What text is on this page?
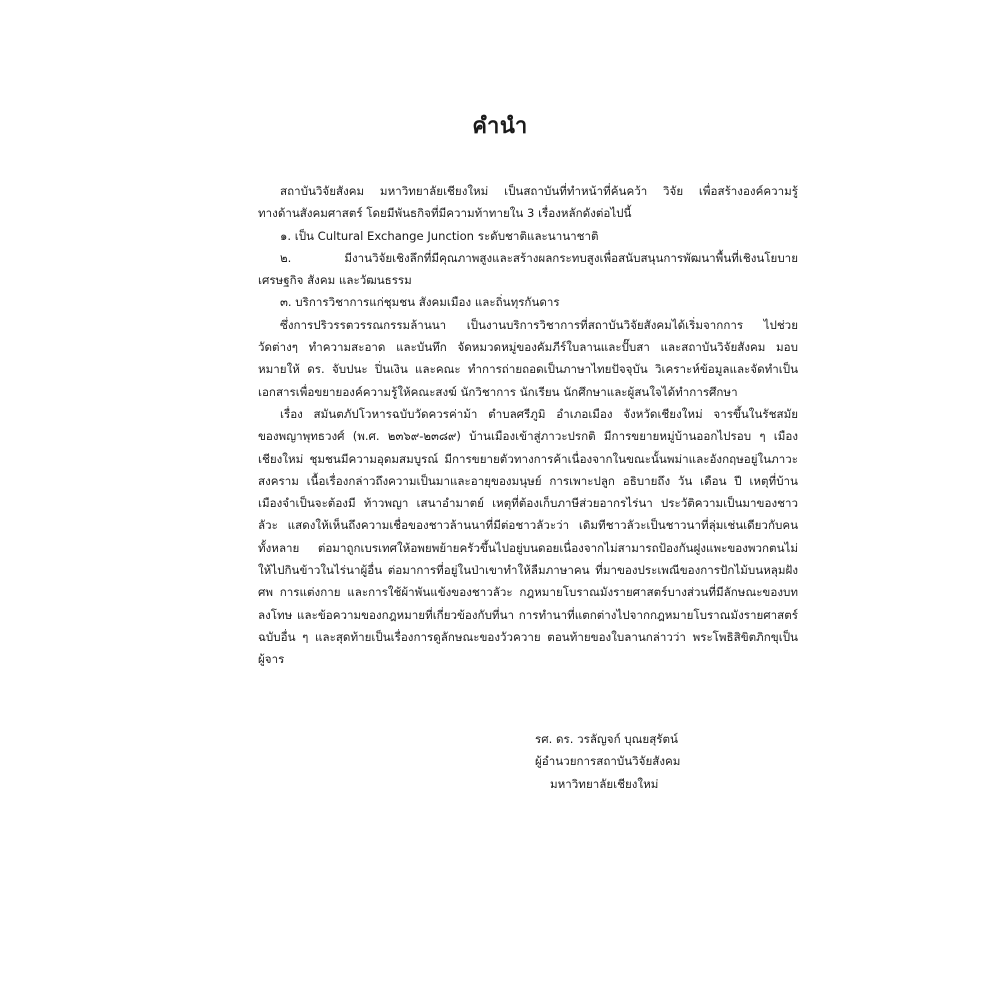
คำนำ
สถาบันวิจัยสังคม มหาวิทยาลัยเชียงใหม่ เป็นสถาบันที่ทำหน้าที่ค้นคว้า วิจัย เพื่อสร้างองค์ความรู้
ทางด้านสังคมศาสตร์ โดยมีพันธกิจที่มีความท้าทายใน 3 เรื่องหลักดังต่อไปนี้
๑. เป็น Cultural Exchange Junction ระดับชาติและนานาชาติ
๒. มีงานวิจัยเชิงลึกที่มีคุณภาพสูงและสร้างผลกระทบสูงเพื่อสนับสนุนการพัฒนาพื้นที่เชิงนโยบาย
เศรษฐกิจ สังคม และวัฒนธรรม
๓. บริการวิชาการแก่ชุมชน สังคมเมือง และถิ่นทุรกันดาร
ซึ่งการปริวรรตวรรณกรรมล้านนา เป็นงานบริการวิชาการที่สถาบันวิจัยสังคมได้เริ่มจากการ ไปช่วย
วัดต่างๆ ทำความสะอาด และบันทึก จัดหมวดหมู่ของคัมภีร์ใบลานและปั๊บสา และสถาบันวิจัยสังคม มอบ
หมายให้ ดร. จับปนะ ปิ่นเงิน และคณะ ทำการถ่ายถอดเป็นภาษาไทยปัจจุบัน วิเคราะห์ข้อมูลและจัดทำเป็น
เอกสารเพื่อขยายองค์ความรู้ให้คณะสงฆ์ นักวิชาการ นักเรียน นักศึกษาและผู้สนใจได้ทำการศึกษา
เรื่อง สมันตภัปโวหารฉบับวัดควรค่าม้า ตำบลศรีภูมิ อำเภอเมือง จังหวัดเชียงใหม่ จารขึ้นในรัชสมัย
ของพญาพุทธวงศ์ (พ.ศ. ๒๓๖๙-๒๓๘๙) บ้านเมืองเข้าสู่ภาวะปรกติ มีการขยายหมู่บ้านออกไปรอบ ๆ เมือง
เชียงใหม่ ชุมชนมีความอุดมสมบูรณ์ มีการขยายตัวทางการค้าเนื่องจากในขณะนั้นพม่าและอังกฤษอยู่ในภาวะ
สงคราม เนื้อเรื่องกล่าวถึงความเป็นมาและอายุของมนุษย์ การเพาะปลูก อธิบายถึง วัน เดือน ปี เหตุที่บ้าน
เมืองจำเป็นจะต้องมี ท้าวพญา เสนาอำมาตย์ เหตุที่ต้องเก็บภาษีส่วยอากรไร่นา ประวัติความเป็นมาของชาว
ลัวะ แสดงให้เห็นถึงความเชื่อของชาวล้านนาที่มีต่อชาวลัวะว่า เดิมทีชาวลัวะเป็นชาวนาที่ลุ่มเช่นเดียวกับคน
ทั้งหลาย ต่อมาถูกเบรเทศให้อพยพย้ายครัวขึ้นไปอยู่บนดอยเนื่องจากไม่สามารถป้องกันฝูงแพะของพวกตนไม่
ให้ไปกินข้าวในไร่นาผู้อื่น ต่อมาการที่อยู่ในป่าเขาทำให้ลืมภาษาคน ที่มาของประเพณีของการปักไม้บนหลุมฝัง
ศพ การแต่งกาย และการใช้ผ้าพันแข้งของชาวลัวะ กฎหมายโบราณมังรายศาสตร์บางส่วนที่มีลักษณะของบท
ลงโทษ และข้อความของกฎหมายที่เกี่ยวข้องกับที่นา การทำนาที่แตกต่างไปจากกฎหมายโบราณมังรายศาสตร์
ฉบับอื่น ๆ และสุดท้ายเป็นเรื่องการดูลักษณะของวัวควาย ตอนท้ายของใบลานกล่าวว่า พระโพธิสิขิตภิกขุเป็น
ผู้จาร
รศ. ดร. วรลัญจก์ บุณยสุรัตน์
ผู้อำนวยการสถาบันวิจัยสังคม
มหาวิทยาลัยเชียงใหม่
